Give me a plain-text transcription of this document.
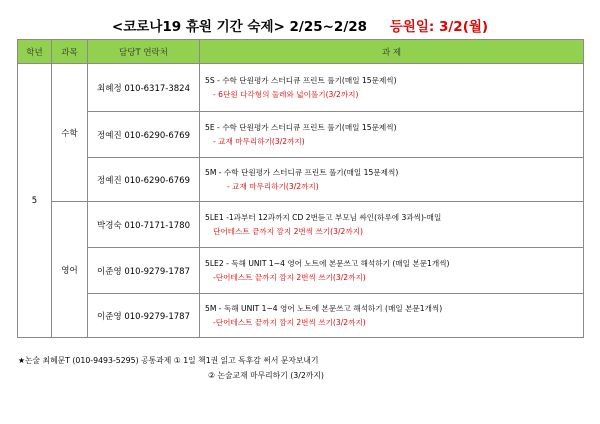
<코로나19 휴원 기간 숙제> 2/25~2/28 등원일: 3/2(월)
학년	과목	담당T 연락처	과 제
5	수학	최혜정 010-6317-3824	5S - 수학 단원평가 스터디큐 프린트 풀기(매일 15문제씩)
- 6단원 다각형의 둘레와 넓이풀기(3/2까지)

		정예진 010-6290-6769	5E - 수학 단원평가 스터디큐 프린트 풀기(매일 15문제씩)
- 교재 마무리하기(3/2까지)

		정예진 010-6290-6769	5M - 수학 단원평가 스터디큐 프린트 풀기(매일 15문제씩)
- 교재 마무리하기(3/2까지)

	영어	박경숙 010-7171-1780	5LE1 -1과부터 12과까지 CD 2번듣고 부모님 싸인(하루에 3과씩)-매일
단어테스트 끝까지 깜지 2번씩 쓰기(3/2까지)

		이준영 010-9279-1787	5LE2 - 독해 UNIT 1~4 영어 노트에 본문쓰고 해석하기 (매일 본문1개씩)
-단어테스트 끝까지 깜지 2번씩 쓰기(3/2까지)

		이준영 010-9279-1787	5M - 독해 UNIT 1~4 영어 노트에 본문쓰고 해석하기 (매일 본문1개씩)
-단어테스트 끝까지 깜지 2번씩 쓰기(3/2까지)
★논술 최혜문T (010-9493-5295) 공통과제 ① 1일 책1권 읽고 독후감 써서 문자보내기
② 논술교재 마무리하기 (3/2까지)
